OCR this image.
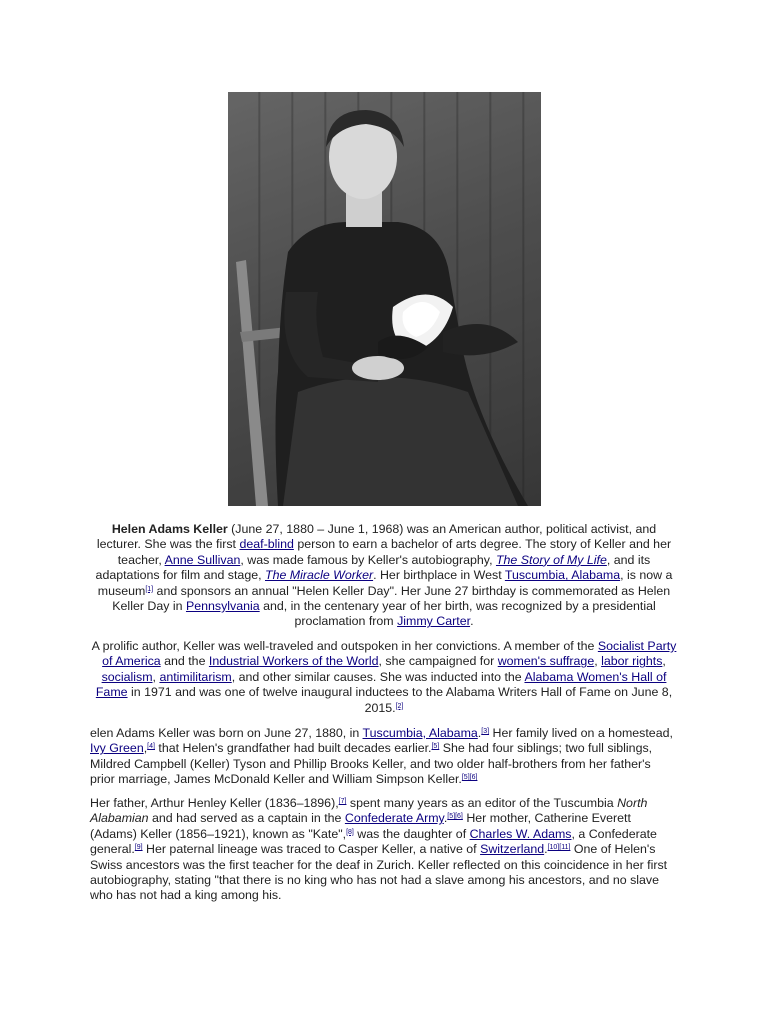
Helen Adams Keller (June 27, 1880 – June 1, 1968) was an American author, political activist, and lecturer. She was the first deaf-blind person to earn a bachelor of arts degree. The story of Keller and her teacher, Anne Sullivan, was made famous by Keller's autobiography, The Story of My Life, and its adaptations for film and stage, The Miracle Worker. Her birthplace in West Tuscumbia, Alabama, is now a museum[1] and sponsors an annual "Helen Keller Day". Her June 27 birthday is commemorated as Helen Keller Day in Pennsylvania and, in the centenary year of her birth, was recognized by a presidential proclamation from Jimmy Carter.

A prolific author, Keller was well-traveled and outspoken in her convictions. A member of the Socialist Party of America and the Industrial Workers of the World, she campaigned for women's suffrage, labor rights, socialism, antimilitarism, and other similar causes. She was inducted into the Alabama Women's Hall of Fame in 1971 and was one of twelve inaugural inductees to the Alabama Writers Hall of Fame on June 8, 2015.[2]

elen Adams Keller was born on June 27, 1880, in Tuscumbia, Alabama.[3] Her family lived on a homestead, Ivy Green,[4] that Helen's grandfather had built decades earlier.[5] She had four siblings; two full siblings, Mildred Campbell (Keller) Tyson and Phillip Brooks Keller, and two older half-brothers from her father's prior marriage, James McDonald Keller and William Simpson Keller.[5][6]

Her father, Arthur Henley Keller (1836–1896),[7] spent many years as an editor of the Tuscumbia North Alabamian and had served as a captain in the Confederate Army.[5][6] Her mother, Catherine Everett (Adams) Keller (1856–1921), known as "Kate",[8] was the daughter of Charles W. Adams, a Confederate general.[9] Her paternal lineage was traced to Casper Keller, a native of Switzerland.[10][11] One of Helen's Swiss ancestors was the first teacher for the deaf in Zurich. Keller reflected on this coincidence in her first autobiography, stating "that there is no king who has not had a slave among his ancestors, and no slave who has not had a king among his.
